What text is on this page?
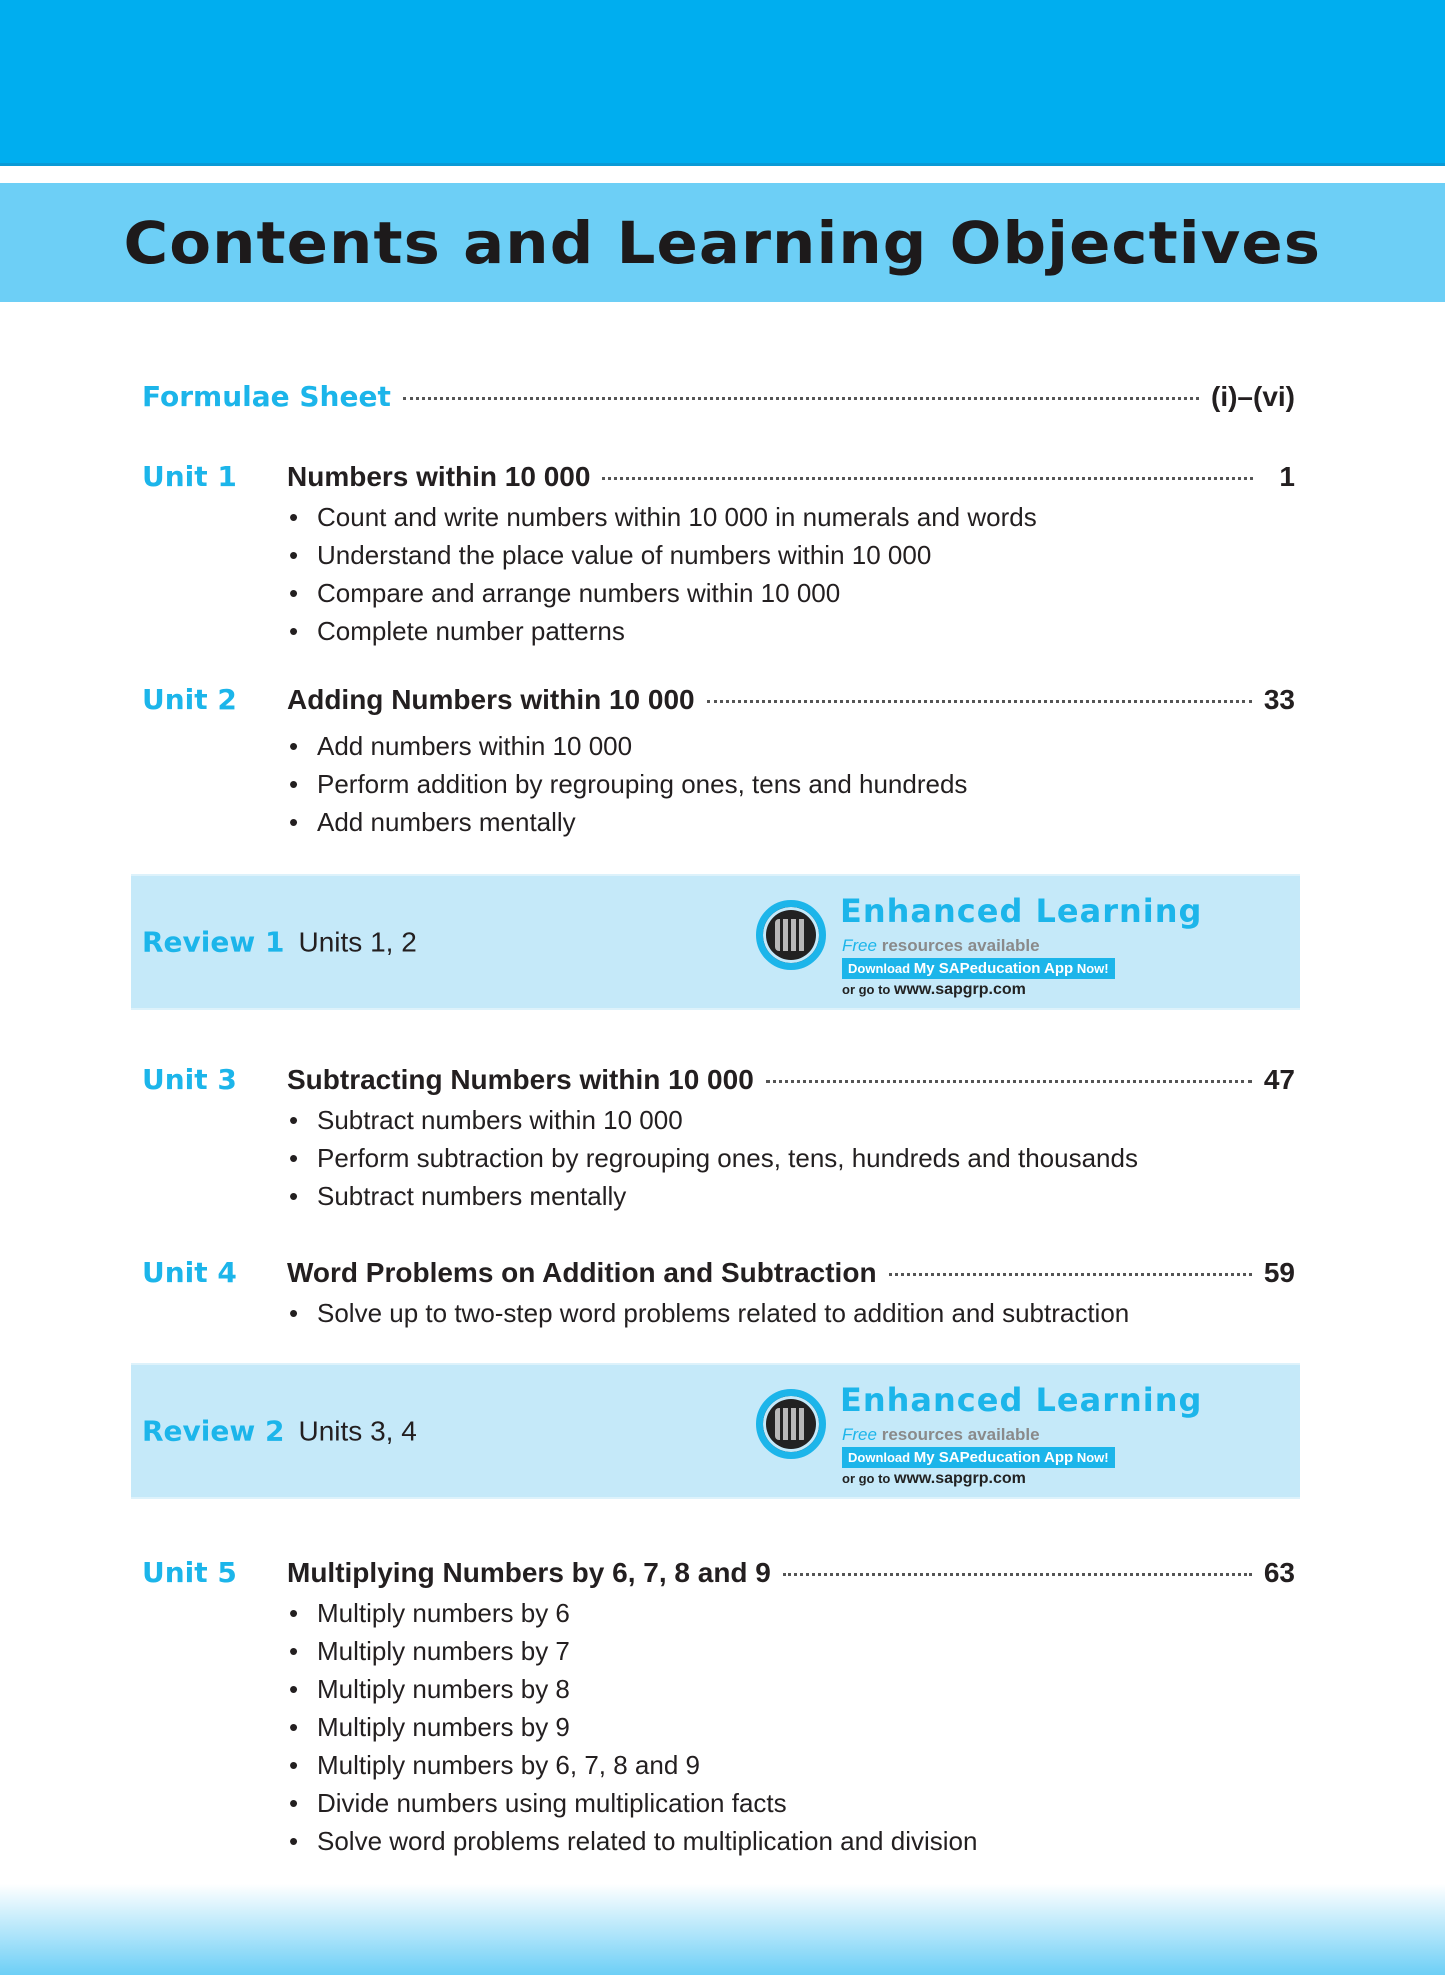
Contents and Learning Objectives
Formulae Sheet	(i)–(vi)
Unit 1	Numbers within 10 000	1
• Count and write numbers within 10 000 in numerals and words
• Understand the place value of numbers within 10 000
• Compare and arrange numbers within 10 000
• Complete number patterns
Unit 2	Adding Numbers within 10 000	33
• Add numbers within 10 000
• Perform addition by regrouping ones, tens and hundreds
• Add numbers mentally
Review 1 Units 1, 2
Enhanced Learning
Free resources available
Download My SAPeducation App Now!
or go to www.sapgrp.com
Unit 3	Subtracting Numbers within 10 000	47
• Subtract numbers within 10 000
• Perform subtraction by regrouping ones, tens, hundreds and thousands
• Subtract numbers mentally
Unit 4	Word Problems on Addition and Subtraction	59
• Solve up to two-step word problems related to addition and subtraction
Review 2 Units 3, 4
Enhanced Learning
Free resources available
Download My SAPeducation App Now!
or go to www.sapgrp.com
Unit 5	Multiplying Numbers by 6, 7, 8 and 9	63
• Multiply numbers by 6
• Multiply numbers by 7
• Multiply numbers by 8
• Multiply numbers by 9
• Multiply numbers by 6, 7, 8 and 9
• Divide numbers using multiplication facts
• Solve word problems related to multiplication and division
